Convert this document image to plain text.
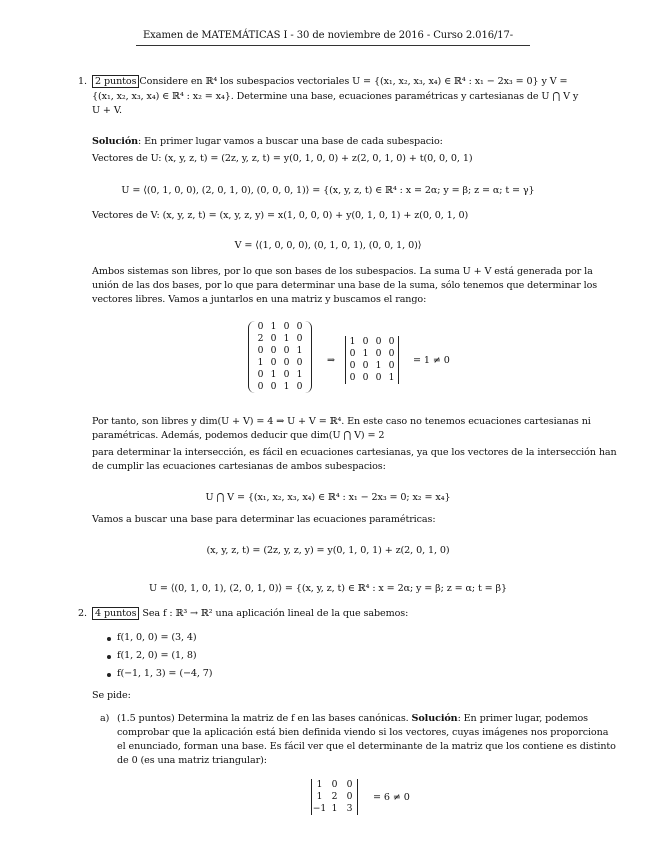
Examen de MATEMÁTICAS I - 30 de noviembre de 2016 - Curso 2.016/17-
1. 2 puntos Considere en ℝ⁴ los subespacios vectoriales U = {(x₁, x₂, x₃, x₄) ∈ ℝ⁴ : x₁ − 2x₃ = 0} y V =
{(x₁, x₂, x₃, x₄) ∈ ℝ⁴ : x₂ = x₄}. Determine una base, ecuaciones paramétricas y cartesianas de U ⋂ V y
U + V.
Solución: En primer lugar vamos a buscar una base de cada subespacio:
Vectores de U: (x, y, z, t) = (2z, y, z, t) = y(0, 1, 0, 0) + z(2, 0, 1, 0) + t(0, 0, 0, 1)
U = ⟨(0, 1, 0, 0), (2, 0, 1, 0), (0, 0, 0, 1)⟩ = {(x, y, z, t) ∈ ℝ⁴ : x = 2α; y = β; z = α; t = γ}
Vectores de V: (x, y, z, t) = (x, y, z, y) = x(1, 0, 0, 0) + y(0, 1, 0, 1) + z(0, 0, 1, 0)
V = ⟨(1, 0, 0, 0), (0, 1, 0, 1), (0, 0, 1, 0)⟩
Ambos sistemas son libres, por lo que son bases de los subespacios. La suma U + V está generada por la
unión de las dos bases, por lo que para determinar una base de la suma, sólo tenemos que determinar los
vectores libres. Vamos a juntarlos en una matriz y buscamos el rango:
0 1 0 0
2 0 1 0
0 0 0 1
1 0 0 0
0 1 0 1
0 0 1 0
⇒
1 0 0 0
0 1 0 0
0 0 1 0
0 0 0 1
= 1 ≠ 0
Por tanto, son libres y dim(U + V) = 4 ⇒ U + V = ℝ⁴. En este caso no tenemos ecuaciones cartesianas ni
paramétricas. Además, podemos deducir que dim(U ⋂ V) = 2
para determinar la intersección, es fácil en ecuaciones cartesianas, ya que los vectores de la intersección han
de cumplir las ecuaciones cartesianas de ambos subespacios:
U ⋂ V = {(x₁, x₂, x₃, x₄) ∈ ℝ⁴ : x₁ − 2x₃ = 0; x₂ = x₄}
Vamos a buscar una base para determinar las ecuaciones paramétricas:
(x, y, z, t) = (2z, y, z, y) = y(0, 1, 0, 1) + z(2, 0, 1, 0)
U = ⟨(0, 1, 0, 1), (2, 0, 1, 0)⟩ = {(x, y, z, t) ∈ ℝ⁴ : x = 2α; y = β; z = α; t = β}
2. 4 puntos Sea f : ℝ³ → ℝ² una aplicación lineal de la que sabemos:
f(1, 0, 0) = (3, 4)
f(1, 2, 0) = (1, 8)
f(−1, 1, 3) = (−4, 7)
Se pide:
a) (1.5 puntos) Determina la matriz de f en las bases canónicas. Solución: En primer lugar, podemos
comprobar que la aplicación está bien definida viendo si los vectores, cuyas imágenes nos proporciona
el enunciado, forman una base. Es fácil ver que el determinante de la matriz que los contiene es distinto
de 0 (es una matriz triangular):
1 0 0
1 2 0
−1 1 3
= 6 ≠ 0
